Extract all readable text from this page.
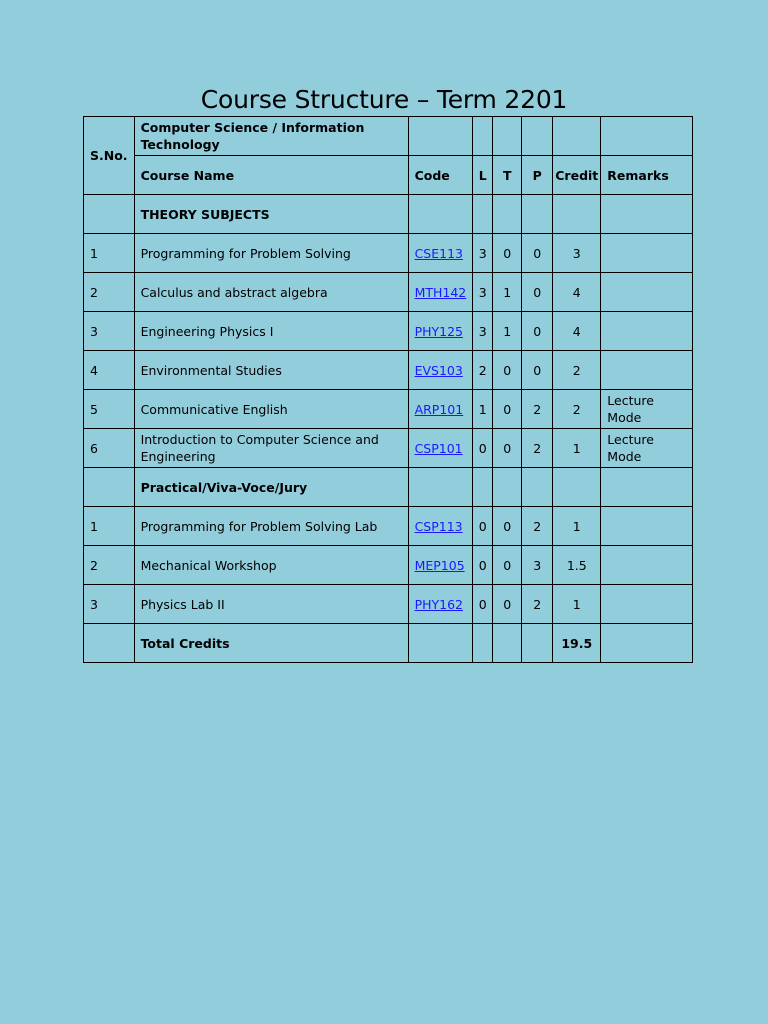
Course Structure – Term 2201
S.No.	Computer Science / Information Technology						
	Course Name	Code	L	T	P	Credit	Remarks
	THEORY SUBJECTS						
1	Programming for Problem Solving	CSE113	3	0	0	3	
2	Calculus and abstract algebra	MTH142	3	1	0	4	
3	Engineering Physics I	PHY125	3	1	0	4	
4	Environmental Studies	EVS103	2	0	0	2	
5	Communicative English	ARP101	1	0	2	2	Lecture Mode
6	Introduction to Computer Science and Engineering	CSP101	0	0	2	1	Lecture Mode
	Practical/Viva-Voce/Jury						
1	Programming for Problem Solving Lab	CSP113	0	0	2	1	
2	Mechanical Workshop	MEP105	0	0	3	1.5	
3	Physics Lab II	PHY162	0	0	2	1	
	Total Credits					19.5	
